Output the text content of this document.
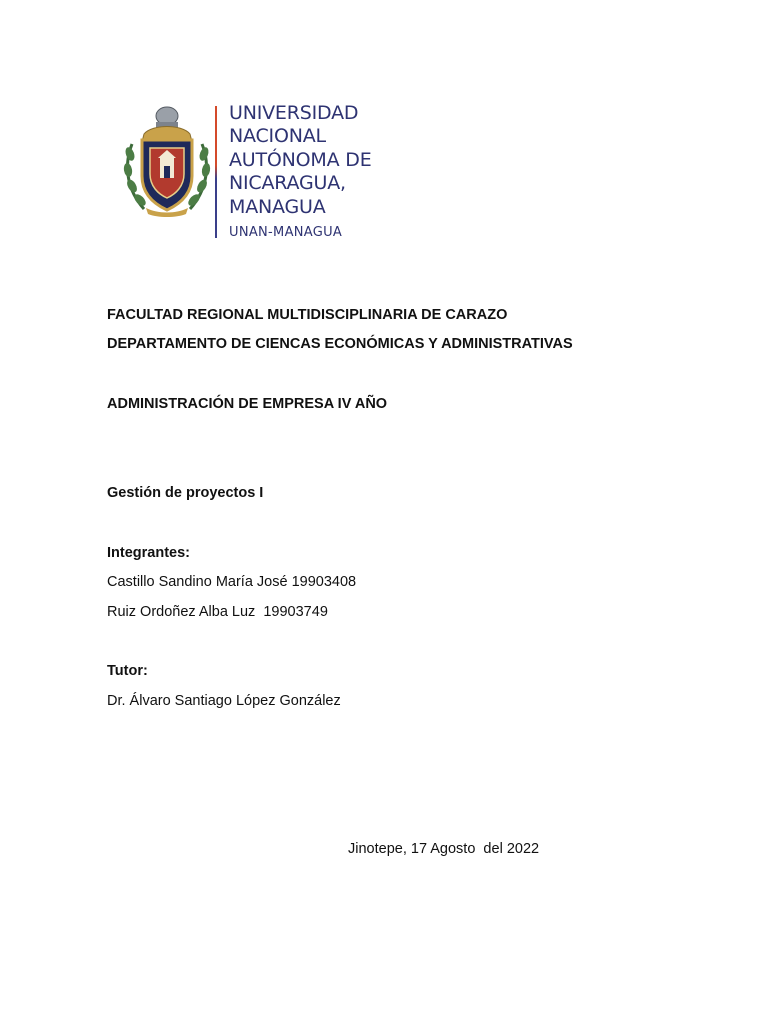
UNIVERSIDAD
NACIONAL
AUTÓNOMA DE
NICARAGUA,
MANAGUA
UNAN-MANAGUA
FACULTAD REGIONAL MULTIDISCIPLINARIA DE CARAZO
DEPARTAMENTO DE CIENCAS ECONÓMICAS Y ADMINISTRATIVAS
ADMINISTRACIÓN DE EMPRESA IV AÑO
Gestión de proyectos I
Integrantes:
Castillo Sandino María José 19903408
Ruiz Ordoñez Alba Luz  19903749
Tutor:
Dr. Álvaro Santiago López González
Jinotepe, 17 Agosto  del 2022
